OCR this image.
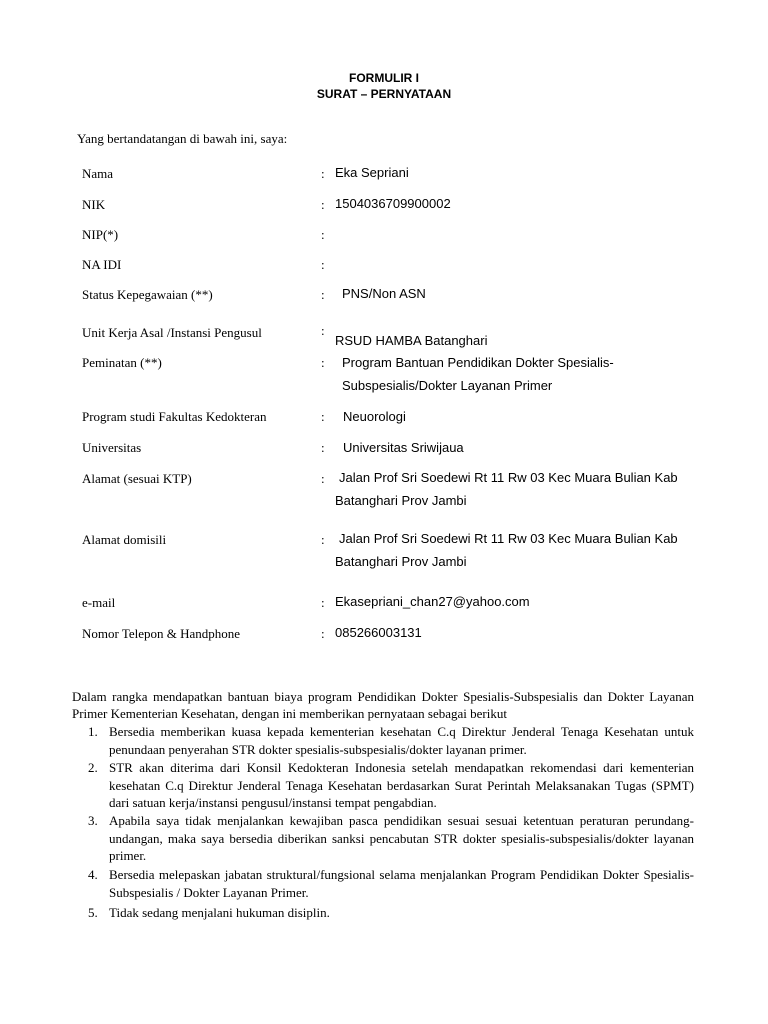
FORMULIR I
SURAT – PERNYATAAN
Yang bertandatangan di bawah ini, saya:
Nama	: Eka Sepriani
NIK	: 1504036709900002
NIP(*)	:
NA IDI	:
Status Kepegawaian (**)	: PNS/Non ASN
Unit Kerja Asal /Instansi Pengusul	:
RSUD HAMBA Batanghari
Peminatan (**)	: Program Bantuan Pendidikan Dokter Spesialis-
Subspesialis/Dokter Layanan Primer
Program studi Fakultas Kedokteran	: Neuorologi
Universitas	: Universitas Sriwijaua
Alamat (sesuai KTP)	: Jalan Prof Sri Soedewi Rt 11 Rw 03 Kec Muara Bulian Kab
Batanghari Prov Jambi
Alamat domisili	: Jalan Prof Sri Soedewi Rt 11 Rw 03 Kec Muara Bulian Kab
Batanghari Prov Jambi
e-mail	: Ekasepriani_chan27@yahoo.com
Nomor Telepon & Handphone	: 085266003131
Dalam rangka mendapatkan bantuan biaya program Pendidikan Dokter Spesialis-Subspesialis dan Dokter Layanan Primer Kementerian Kesehatan, dengan ini memberikan pernyataan sebagai berikut
1. Bersedia memberikan kuasa kepada kementerian kesehatan C.q Direktur Jenderal Tenaga Kesehatan untuk penundaan penyerahan STR dokter spesialis-subspesialis/dokter layanan primer.
2. STR akan diterima dari Konsil Kedokteran Indonesia setelah mendapatkan rekomendasi dari kementerian kesehatan C.q Direktur Jenderal Tenaga Kesehatan berdasarkan Surat Perintah Melaksanakan Tugas (SPMT) dari satuan kerja/instansi pengusul/instansi tempat pengabdian.
3. Apabila saya tidak menjalankan kewajiban pasca pendidikan sesuai sesuai ketentuan peraturan perundang-undangan, maka saya bersedia diberikan sanksi pencabutan STR dokter spesialis-subspesialis/dokter layanan primer.
4. Bersedia melepaskan jabatan struktural/fungsional selama menjalankan Program Pendidikan Dokter Spesialis-Subspesialis / Dokter Layanan Primer.
5. Tidak sedang menjalani hukuman disiplin.
